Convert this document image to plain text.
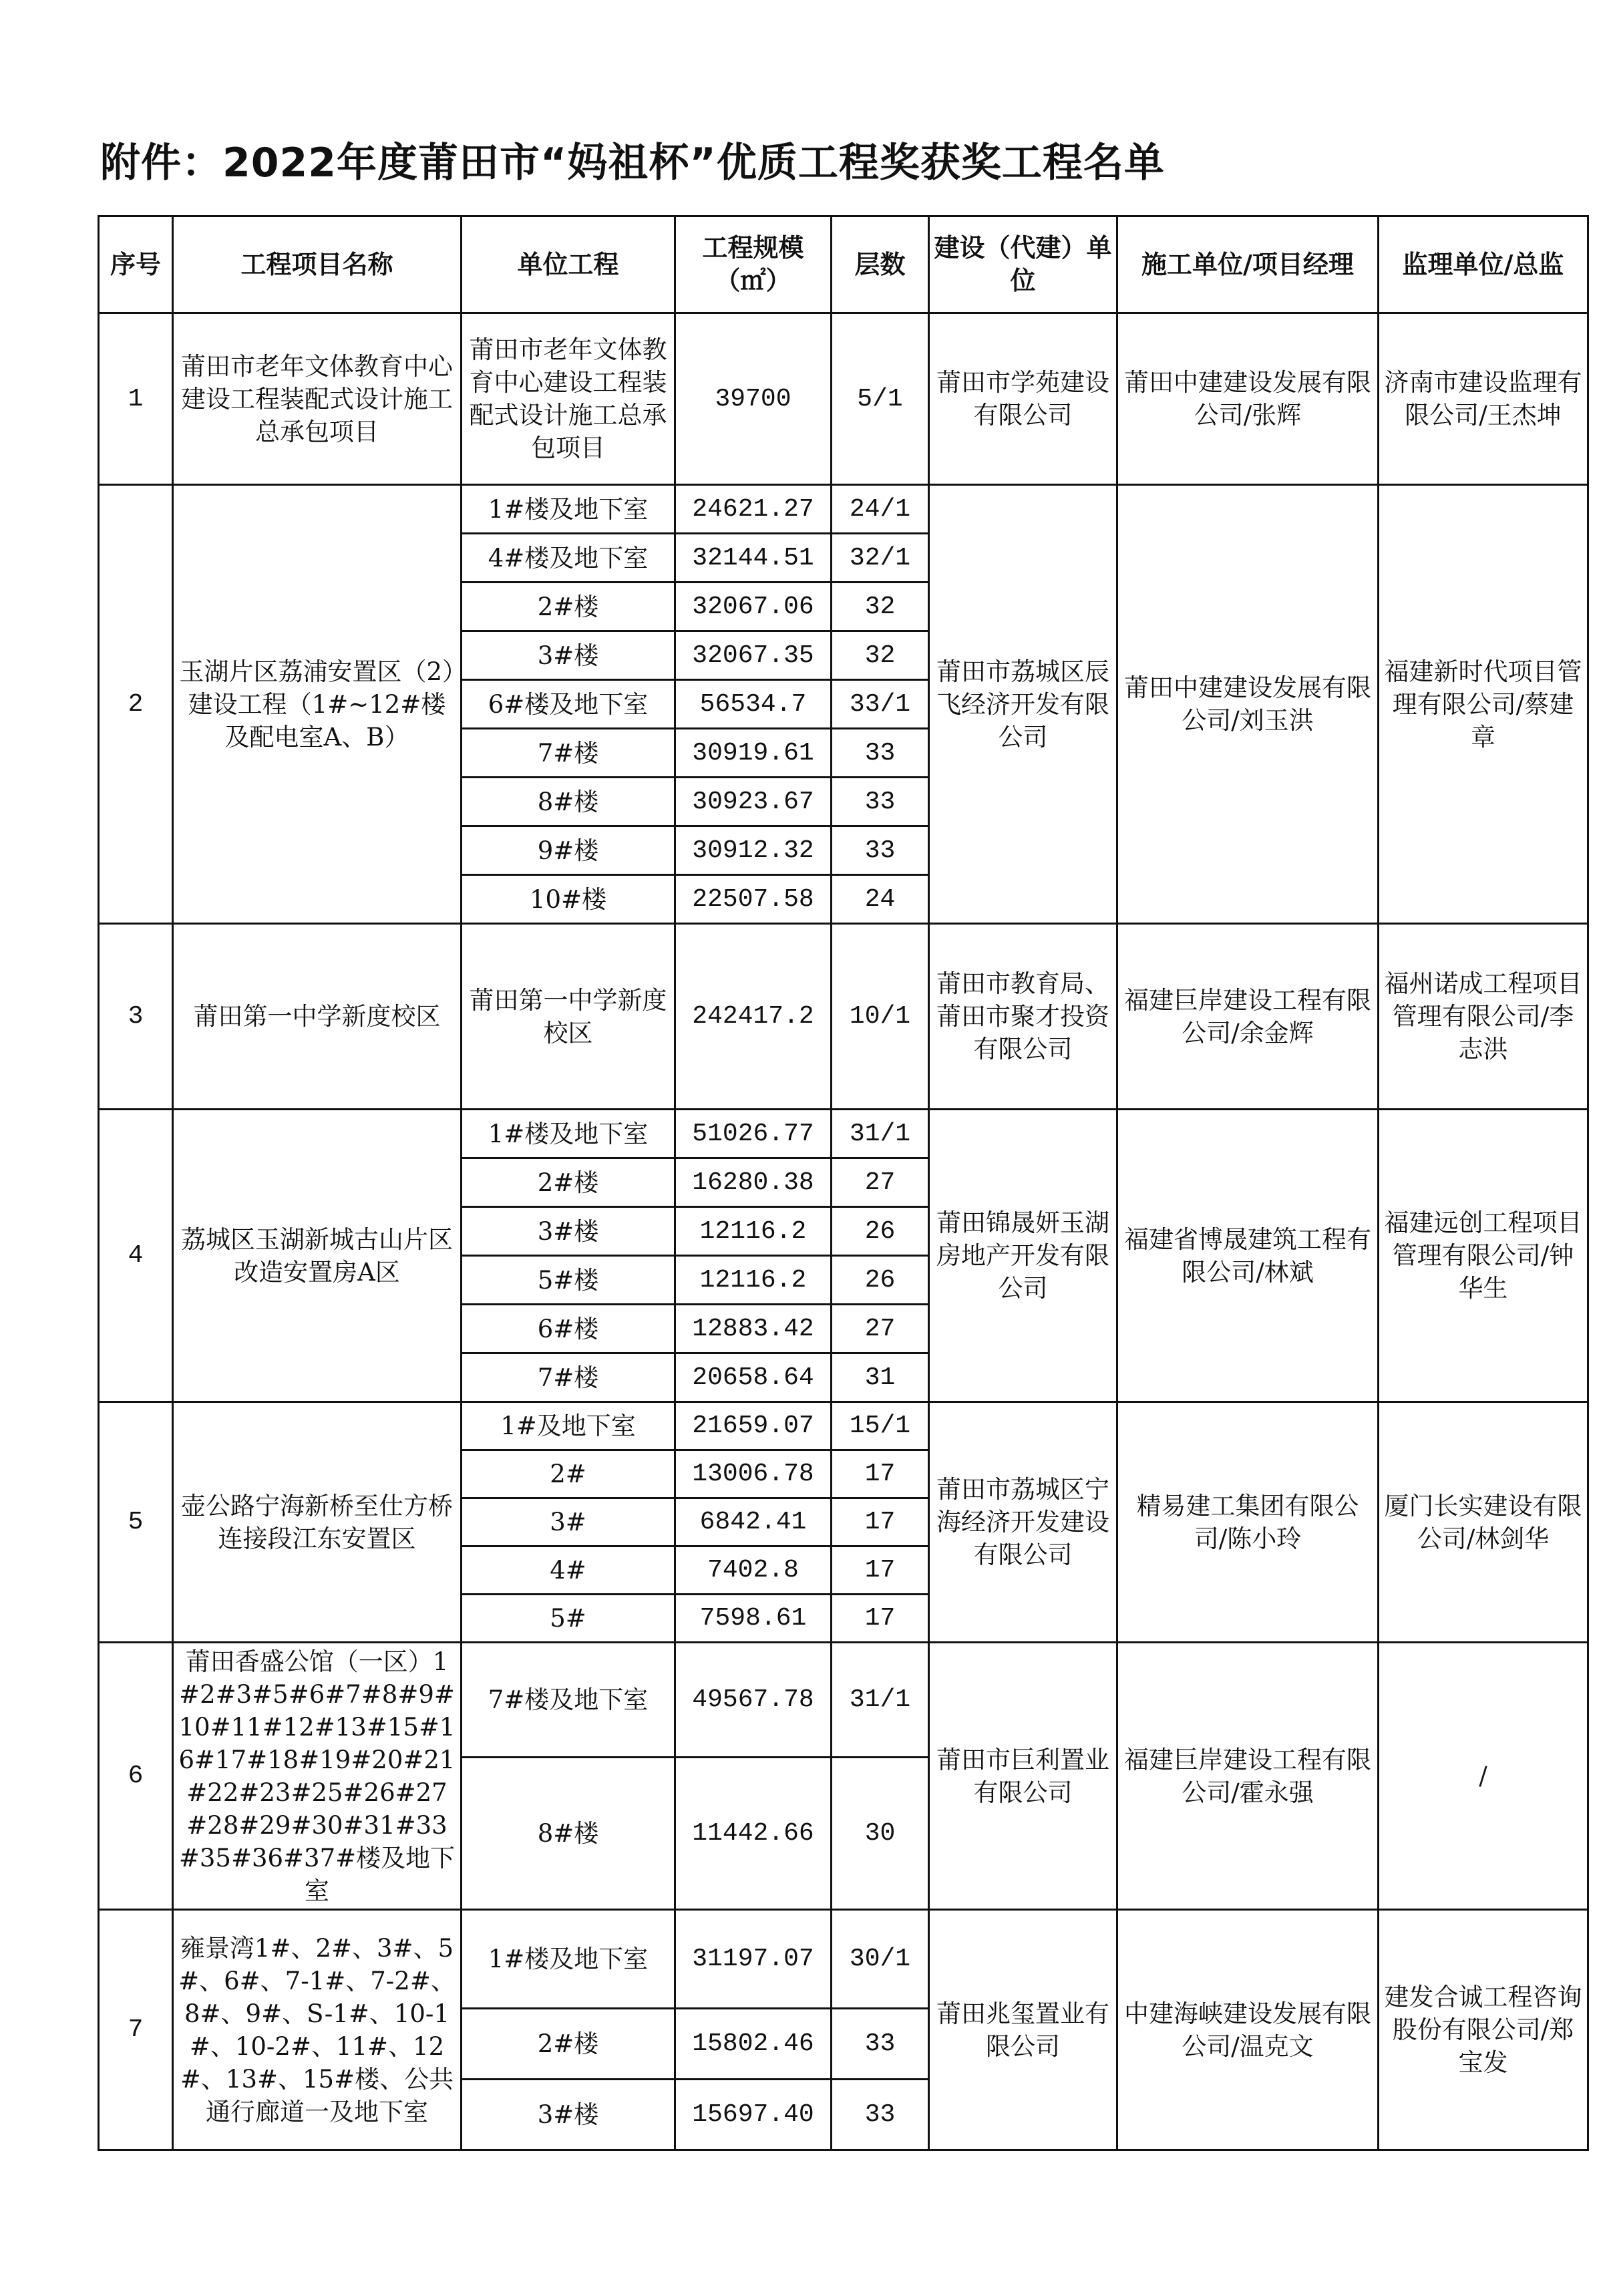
附件：2022年度莆田市“妈祖杯”优质工程奖获奖工程名单
序号	工程项目名称	单位工程	工程规模（㎡）	层数	建设（代建）单位	施工单位/项目经理	监理单位/总监
1	莆田市老年文体教育中心建设工程装配式设计施工总承包项目	莆田市老年文体教育中心建设工程装配式设计施工总承包项目	39700	5/1	莆田市学苑建设有限公司	莆田中建建设发展有限公司/张辉	济南市建设监理有限公司/王杰坤
2	玉湖片区荔浦安置区（2）建设工程（1#~12#楼及配电室A、B）	1#楼及地下室	24621.27	24/1	莆田市荔城区辰飞经济开发有限公司	莆田中建建设发展有限公司/刘玉洪	福建新时代项目管理有限公司/蔡建章
		4#楼及地下室	32144.51	32/1			
		2#楼	32067.06	32			
		3#楼	32067.35	32			
		6#楼及地下室	56534.7	33/1			
		7#楼	30919.61	33			
		8#楼	30923.67	33			
		9#楼	30912.32	33			
		10#楼	22507.58	24			
3	莆田第一中学新度校区	莆田第一中学新度校区	242417.2	10/1	莆田市教育局、莆田市聚才投资有限公司	福建巨岸建设工程有限公司/余金辉	福州诺成工程项目管理有限公司/李志洪
4	荔城区玉湖新城古山片区改造安置房A区	1#楼及地下室	51026.77	31/1	莆田锦晟妍玉湖房地产开发有限公司	福建省博晟建筑工程有限公司/林斌	福建远创工程项目管理有限公司/钟华生
		2#楼	16280.38	27			
		3#楼	12116.2	26			
		5#楼	12116.2	26			
		6#楼	12883.42	27			
		7#楼	20658.64	31			
5	壶公路宁海新桥至仕方桥连接段江东安置区	1#及地下室	21659.07	15/1	莆田市荔城区宁海经济开发建设有限公司	精易建工集团有限公司/陈小玲	厦门长实建设有限公司/林剑华
		2#	13006.78	17			
		3#	6842.41	17			
		4#	7402.8	17			
		5#	7598.61	17			
6	莆田香盛公馆（一区）1#2#3#5#6#7#8#9#10#11#12#13#15#16#17#18#19#20#21#22#23#25#26#27#28#29#30#31#33#35#36#37#楼及地下室	7#楼及地下室	49567.78	31/1	莆田市巨利置业有限公司	福建巨岸建设工程有限公司/霍永强	/
		8#楼	11442.66	30			
7	雍景湾1#、2#、3#、5#、6#、7-1#、7-2#、8#、9#、S-1#、10-1#、10-2#、11#、12#、13#、15#楼、公共通行廊道一及地下室	1#楼及地下室	31197.07	30/1	莆田兆玺置业有限公司	中建海峡建设发展有限公司/温克文	建发合诚工程咨询股份有限公司/郑宝发
		2#楼	15802.46	33			
		3#楼	15697.40	33			
